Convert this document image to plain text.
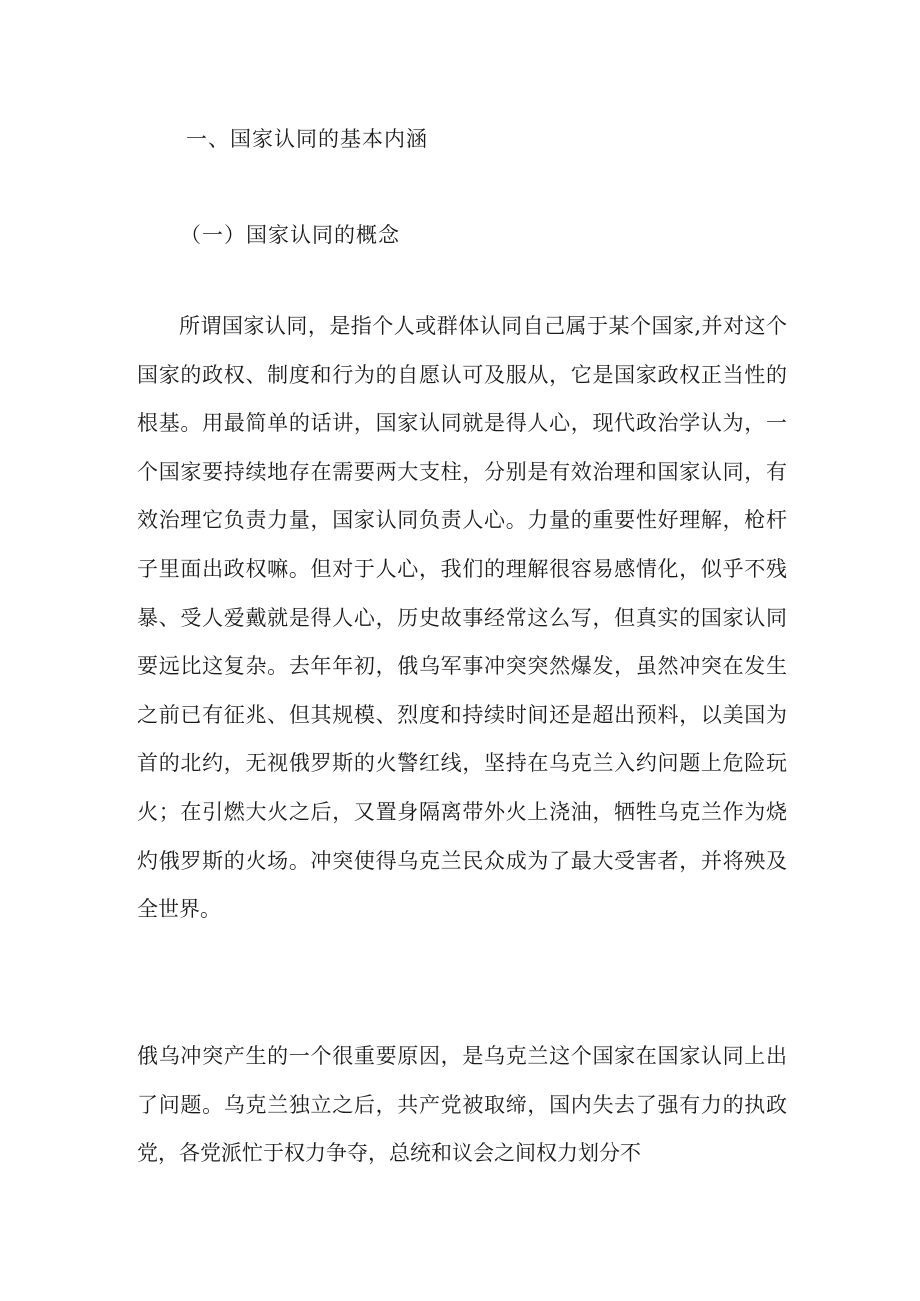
一、国家认同的基本内涵
（一）国家认同的概念
所谓国家认同，是指个人或群体认同自己属于某个国家,并对这个国家的政权、制度和行为的自愿认可及服从，它是国家政权正当性的根基。用最简单的话讲，国家认同就是得人心，现代政治学认为，一个国家要持续地存在需要两大支柱，分别是有效治理和国家认同，有效治理它负责力量，国家认同负责人心。力量的重要性好理解，枪杆子里面出政权嘛。但对于人心，我们的理解很容易感情化，似乎不残暴、受人爱戴就是得人心，历史故事经常这么写，但真实的国家认同要远比这复杂。去年年初，俄乌军事冲突突然爆发，虽然冲突在发生之前已有征兆、但其规模、烈度和持续时间还是超出预料，以美国为首的北约，无视俄罗斯的火警红线，坚持在乌克兰入约问题上危险玩火；在引燃大火之后，又置身隔离带外火上浇油，牺牲乌克兰作为烧灼俄罗斯的火场。冲突使得乌克兰民众成为了最大受害者，并将殃及全世界。
俄乌冲突产生的一个很重要原因，是乌克兰这个国家在国家认同上出了问题。乌克兰独立之后，共产党被取缔，国内失去了强有力的执政党，各党派忙于权力争夺，总统和议会之间权力划分不
